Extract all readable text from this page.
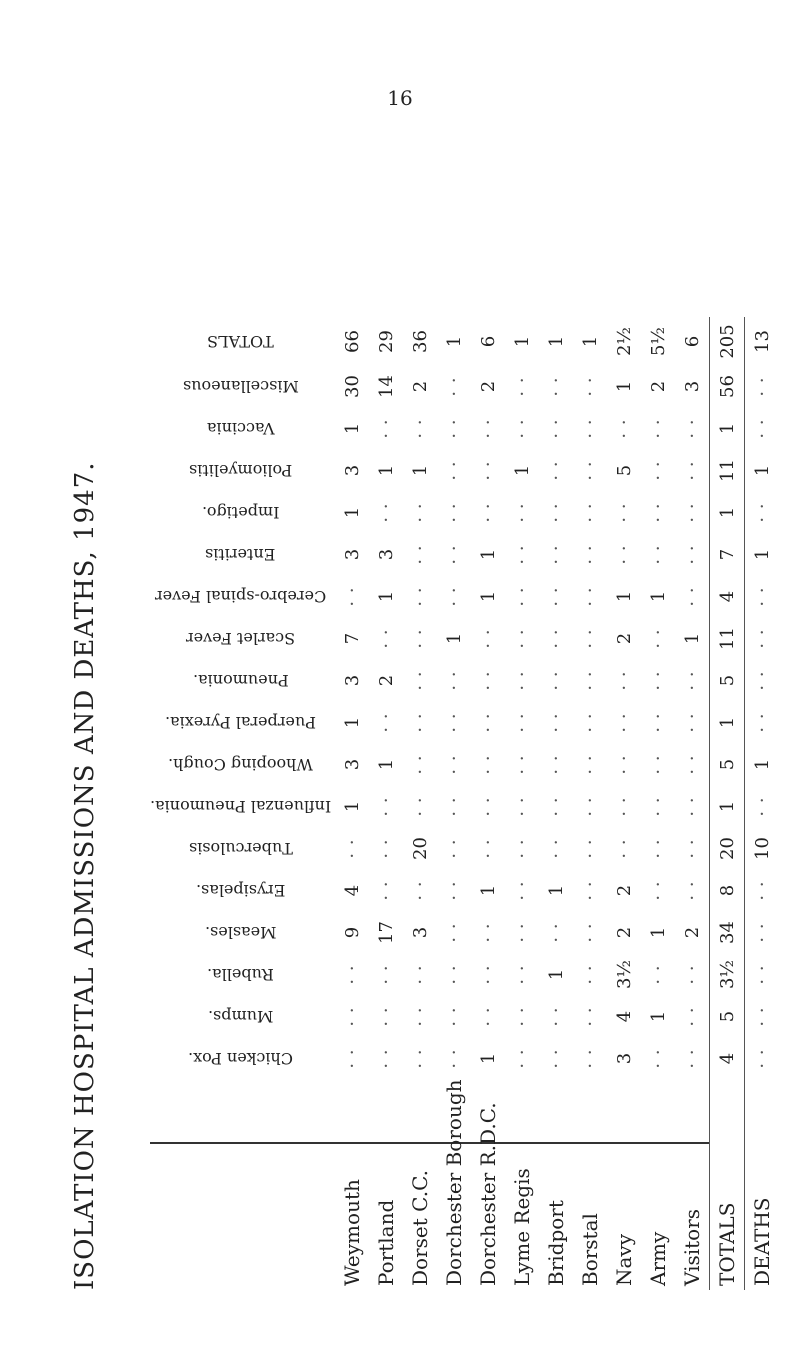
16
ISOLATION HOSPITAL ADMISSIONS AND DEATHS, 1947.
		Chicken Pox.	Mumps.	Rubella.	Measles.	Erysipelas.	Tuberculosis	Influenzal Pneumonia.	Whooping Cough.	Puerperal Pyrexia.	Pneumonia.	Scarlet Fever	Cerebro-spinal Fever	Enteritis	Impetigo.	Poliomyelitis	Vaccinia	Miscellaneous	TOTALS
Weymouth	· ·	· ·	· ·	9	4	· ·	1	3	1	3	7	· ·	3	1	3	1	30	66
Portland	· ·	· ·	· ·	17	· ·	· ·	· ·	1	· ·	2	· ·	1	3	· ·	1	· ·	14	29
Dorset C.C.	· ·	· ·	· ·	3	· ·	20	· ·	· ·	· ·	· ·	· ·	· ·	· ·	· ·	1	· ·	2	36
Dorchester Borough	· ·	· ·	· ·	· ·	· ·	· ·	· ·	· ·	· ·	· ·	1	· ·	· ·	· ·	· ·	· ·	· ·	1
Dorchester R.D.C.	1	· ·	· ·	· ·	1	· ·	· ·	· ·	· ·	· ·	· ·	1	1	· ·	· ·	· ·	2	6
Lyme Regis	· ·	· ·	· ·	· ·	· ·	· ·	· ·	· ·	· ·	· ·	· ·	· ·	· ·	· ·	1	· ·	· ·	1
Bridport	· ·	· ·	1	· ·	1	· ·	· ·	· ·	· ·	· ·	· ·	· ·	· ·	· ·	· ·	· ·	· ·	1
Borstal	· ·	· ·	· ·	· ·	· ·	· ·	· ·	· ·	· ·	· ·	· ·	· ·	· ·	· ·	· ·	· ·	· ·	1
Navy	3	4	3½	2	2	· ·	· ·	· ·	· ·	· ·	2	1	· ·	· ·	5	· ·	1	2½
Army	· ·	1	· ·	1	· ·	· ·	· ·	· ·	· ·	· ·	· ·	1	· ·	· ·	· ·	· ·	2	5½
Visitors	· ·	· ·	· ·	2	· ·	· ·	· ·	· ·	· ·	· ·	1	· ·	· ·	· ·	· ·	· ·	3	6
TOTALS	4	5	3½	34	8	20	1	5	1	5	11	4	7	1	11	1	56	205
DEATHS	· ·	· ·	· ·	· ·	· ·	10	· ·	1	· ·	· ·	· ·	· ·	1	· ·	1	· ·	· ·	13
